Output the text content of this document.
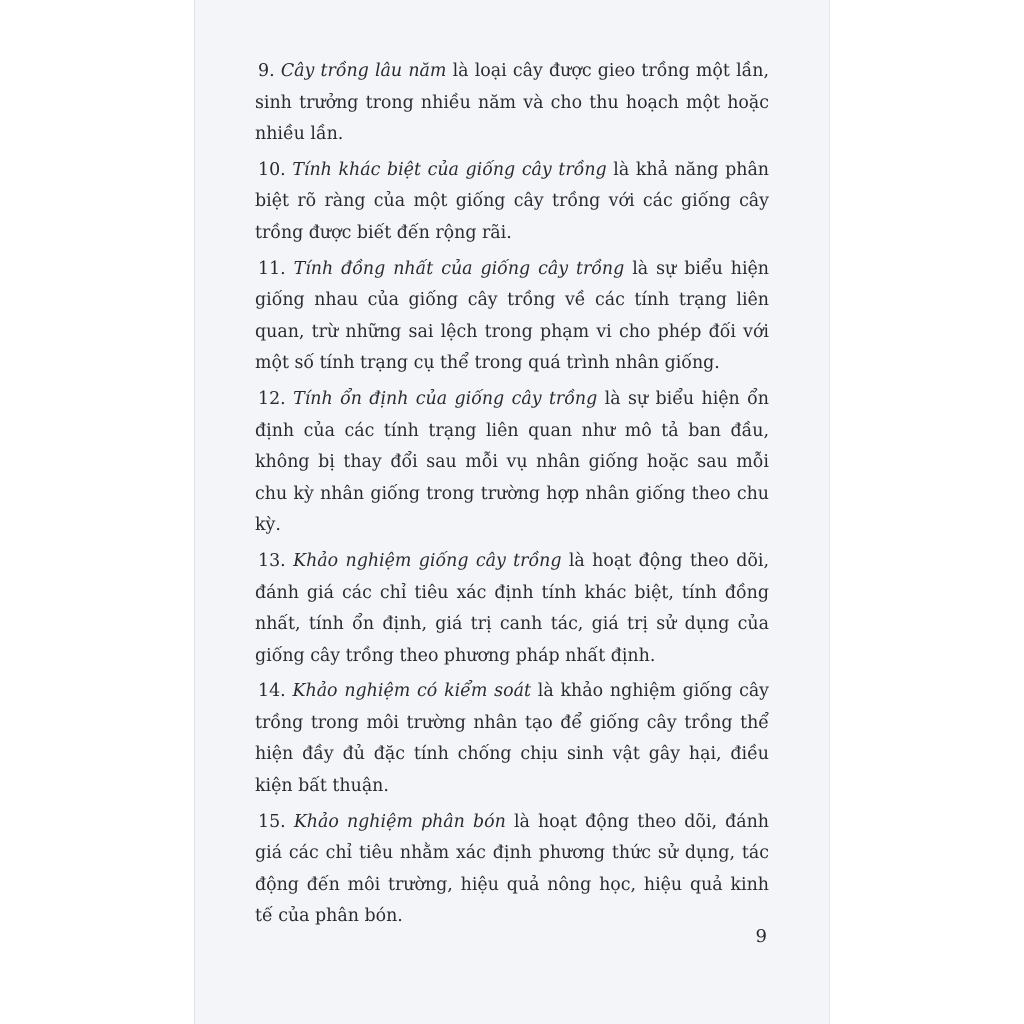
9. Cây trồng lâu năm là loại cây được gieo trồng một lần, sinh trưởng trong nhiều năm và cho thu hoạch một hoặc nhiều lần.

10. Tính khác biệt của giống cây trồng là khả năng phân biệt rõ ràng của một giống cây trồng với các giống cây trồng được biết đến rộng rãi.

11. Tính đồng nhất của giống cây trồng là sự biểu hiện giống nhau của giống cây trồng về các tính trạng liên quan, trừ những sai lệch trong phạm vi cho phép đối với một số tính trạng cụ thể trong quá trình nhân giống.

12. Tính ổn định của giống cây trồng là sự biểu hiện ổn định của các tính trạng liên quan như mô tả ban đầu, không bị thay đổi sau mỗi vụ nhân giống hoặc sau mỗi chu kỳ nhân giống trong trường hợp nhân giống theo chu kỳ.

13. Khảo nghiệm giống cây trồng là hoạt động theo dõi, đánh giá các chỉ tiêu xác định tính khác biệt, tính đồng nhất, tính ổn định, giá trị canh tác, giá trị sử dụng của giống cây trồng theo phương pháp nhất định.

14. Khảo nghiệm có kiểm soát là khảo nghiệm giống cây trồng trong môi trường nhân tạo để giống cây trồng thể hiện đầy đủ đặc tính chống chịu sinh vật gây hại, điều kiện bất thuận.

15. Khảo nghiệm phân bón là hoạt động theo dõi, đánh giá các chỉ tiêu nhằm xác định phương thức sử dụng, tác động đến môi trường, hiệu quả nông học, hiệu quả kinh tế của phân bón.

9
